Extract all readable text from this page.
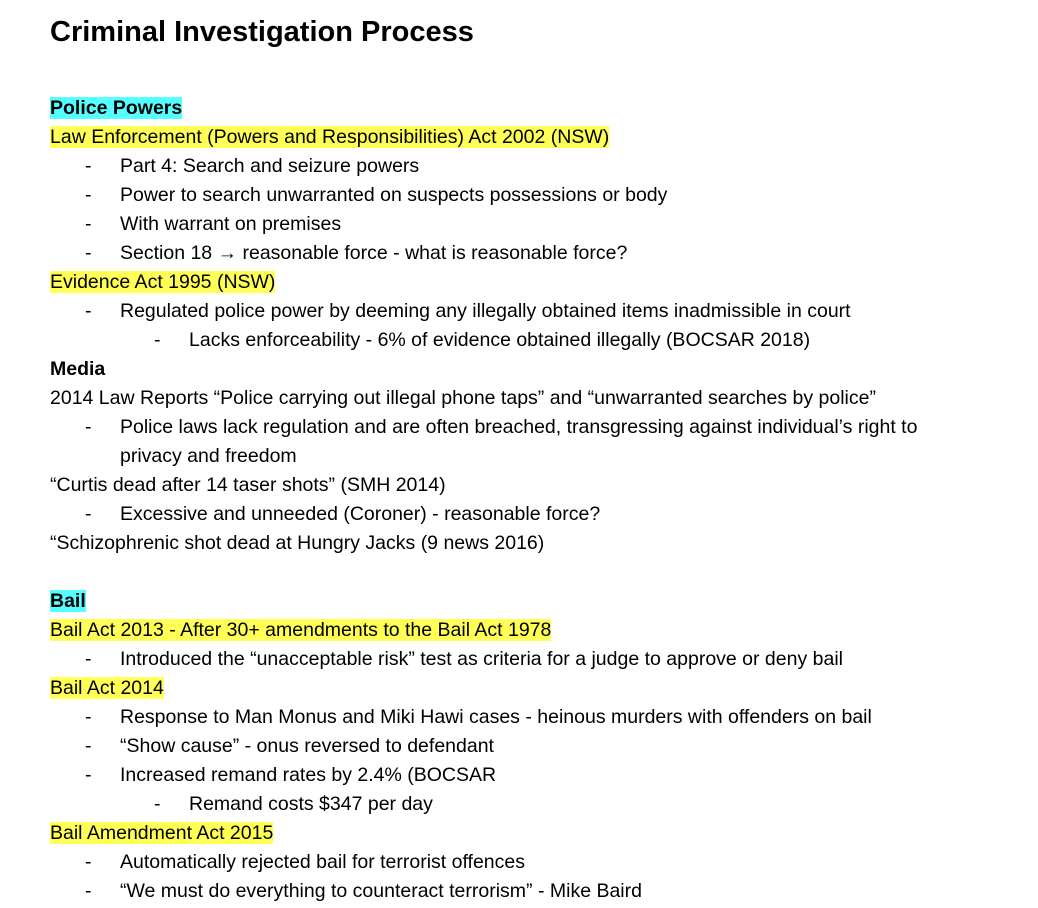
Criminal Investigation Process
Police Powers
Law Enforcement (Powers and Responsibilities) Act 2002 (NSW)
-	Part 4: Search and seizure powers
-	Power to search unwarranted on suspects possessions or body
-	With warrant on premises
-	Section 18 → reasonable force - what is reasonable force?
Evidence Act 1995 (NSW)
-	Regulated police power by deeming any illegally obtained items inadmissible in court
-	Lacks enforceability - 6% of evidence obtained illegally (BOCSAR 2018)
Media
2014 Law Reports “Police carrying out illegal phone taps” and “unwarranted searches by police”
-	Police laws lack regulation and are often breached, transgressing against individual’s right to privacy and freedom
“Curtis dead after 14 taser shots” (SMH 2014)
-	Excessive and unneeded (Coroner) - reasonable force?
“Schizophrenic shot dead at Hungry Jacks (9 news 2016)
Bail
Bail Act 2013 - After 30+ amendments to the Bail Act 1978
-	Introduced the “unacceptable risk” test as criteria for a judge to approve or deny bail
Bail Act 2014
-	Response to Man Monus and Miki Hawi cases - heinous murders with offenders on bail
-	“Show cause” - onus reversed to defendant
-	Increased remand rates by 2.4% (BOCSAR
-	Remand costs $347 per day
Bail Amendment Act 2015
-	Automatically rejected bail for terrorist offences
-	“We must do everything to counteract terrorism” - Mike Baird
